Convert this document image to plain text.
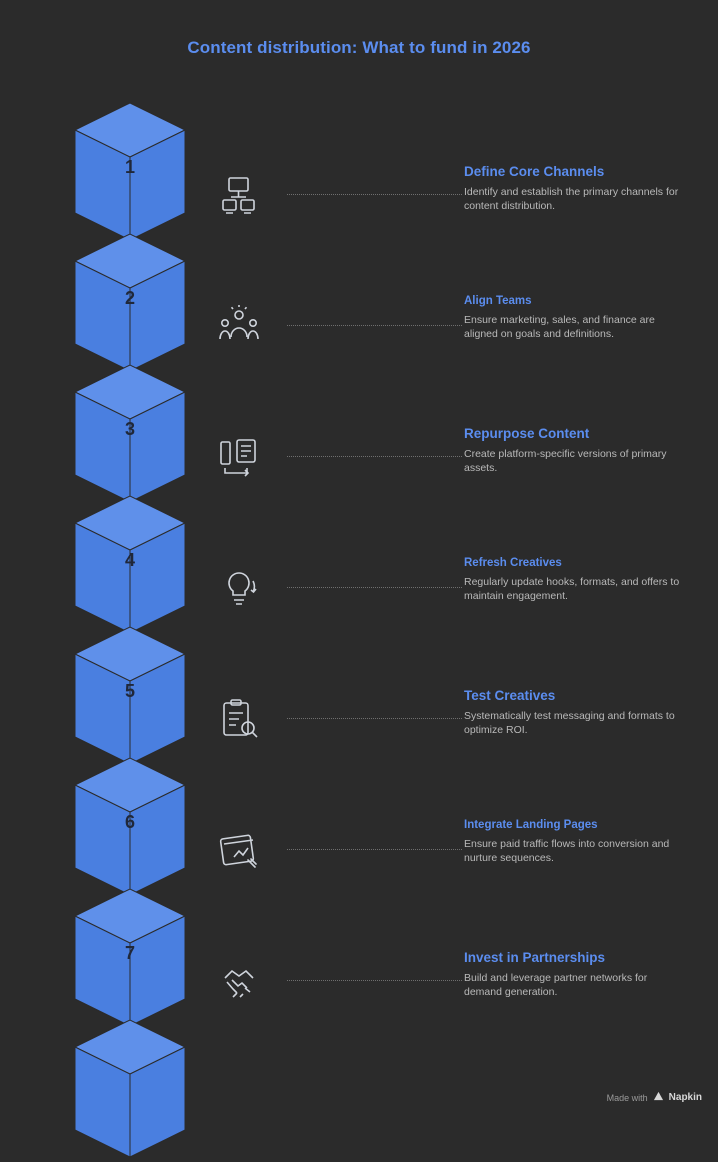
Content distribution: What to fund in 2026
1
2
3
4
5
6
7
Define Core Channels
Identify and establish the primary channels for content distribution.
Align Teams
Ensure marketing, sales, and finance are aligned on goals and definitions.
Repurpose Content
Create platform-specific versions of primary assets.
Refresh Creatives
Regularly update hooks, formats, and offers to maintain engagement.
Test Creatives
Systematically test messaging and formats to optimize ROI.
Integrate Landing Pages
Ensure paid traffic flows into conversion and nurture sequences.
Invest in Partnerships
Build and leverage partner networks for demand generation.
Made with Napkin
